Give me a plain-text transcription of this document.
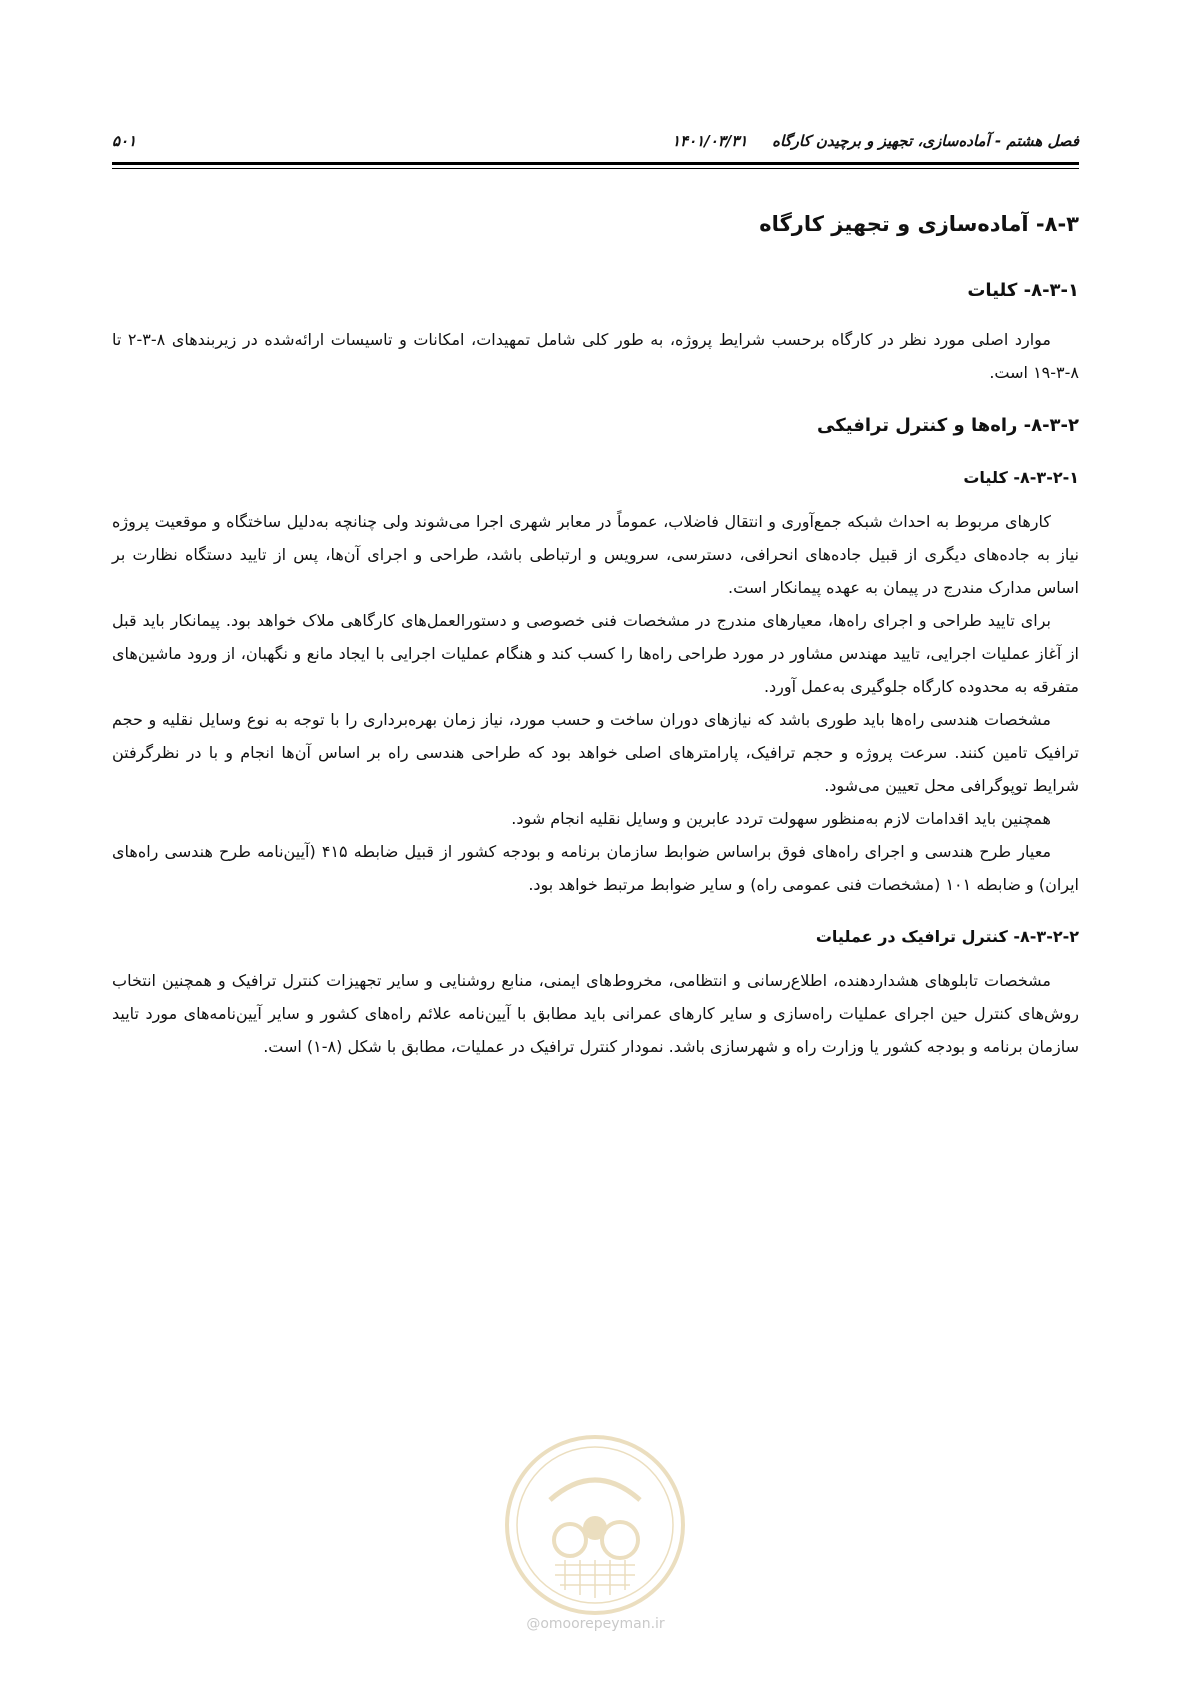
فصل هشتم - آماده‌سازی، تجهیز و برچیدن کارگاه
۱۴۰۱/۰۳/۳۱
۵۰۱
۸-۳- آماده‌سازی و تجهیز کارگاه
۸-۳-۱- کلیات

موارد اصلی مورد نظر در کارگاه برحسب شرایط پروژه، به طور کلی شامل تمهیدات، امکانات و تاسیسات ارائه‌شده در زیربندهای ۸-۳-۲ تا ۸-۳-۱۹ است.

۸-۳-۲- راه‌ها و کنترل ترافیکی
۸-۳-۲-۱- کلیات

کارهای مربوط به احداث شبکه جمع‌آوری و انتقال فاضلاب، عموماً در معابر شهری اجرا می‌شوند ولی چنانچه به‌دلیل ساختگاه و موقعیت پروژه نیاز به جاده‌های دیگری از قبیل جاده‌های انحرافی، دسترسی، سرویس و ارتباطی باشد، طراحی و اجرای آن‌ها، پس از تایید دستگاه نظارت بر اساس مدارک مندرج در پیمان به عهده پیمانکار است.

برای تایید طراحی و اجرای راه‌ها، معیارهای مندرج در مشخصات فنی خصوصی و دستورالعمل‌های کارگاهی ملاک خواهد بود. پیمانکار باید قبل از آغاز عملیات اجرایی، تایید مهندس مشاور در مورد طراحی راه‌ها را کسب کند و هنگام عملیات اجرایی با ایجاد مانع و نگهبان، از ورود ماشین‌های متفرقه به محدوده کارگاه جلوگیری به‌عمل آورد.

مشخصات هندسی راه‌ها باید طوری باشد که نیازهای دوران ساخت و حسب مورد، نیاز زمان بهره‌برداری را با توجه به نوع وسایل نقلیه و حجم ترافیک تامین کنند. سرعت پروژه و حجم ترافیک، پارامترهای اصلی خواهد بود که طراحی هندسی راه بر اساس آن‌ها انجام و با در نظرگرفتن شرایط توپوگرافی محل تعیین می‌شود.

همچنین باید اقدامات لازم به‌منظور سهولت تردد عابرین و وسایل نقلیه انجام شود.

معیار طرح هندسی و اجرای راه‌های فوق براساس ضوابط سازمان برنامه و بودجه کشور از قبیل ضابطه ۴۱۵ (آیین‌نامه طرح هندسی راه‌های ایران) و ضابطه ۱۰۱ (مشخصات فنی عمومی راه) و سایر ضوابط مرتبط خواهد بود.

۸-۳-۲-۲- کنترل ترافیک در عملیات

مشخصات تابلوهای هشداردهنده، اطلاع‌رسانی و انتظامی، مخروط‌های ایمنی، منابع روشنایی و سایر تجهیزات کنترل ترافیک و همچنین انتخاب روش‌های کنترل حین اجرای عملیات راه‌سازی و سایر کارهای عمرانی باید مطابق با آیین‌نامه علائم راه‌های کشور و سایر آیین‌نامه‌های مورد تایید سازمان برنامه و بودجه کشور یا وزارت راه و شهرسازی باشد. نمودار کنترل ترافیک در عملیات، مطابق با شکل (۸-۱) است.

@omoorepeyman.ir
